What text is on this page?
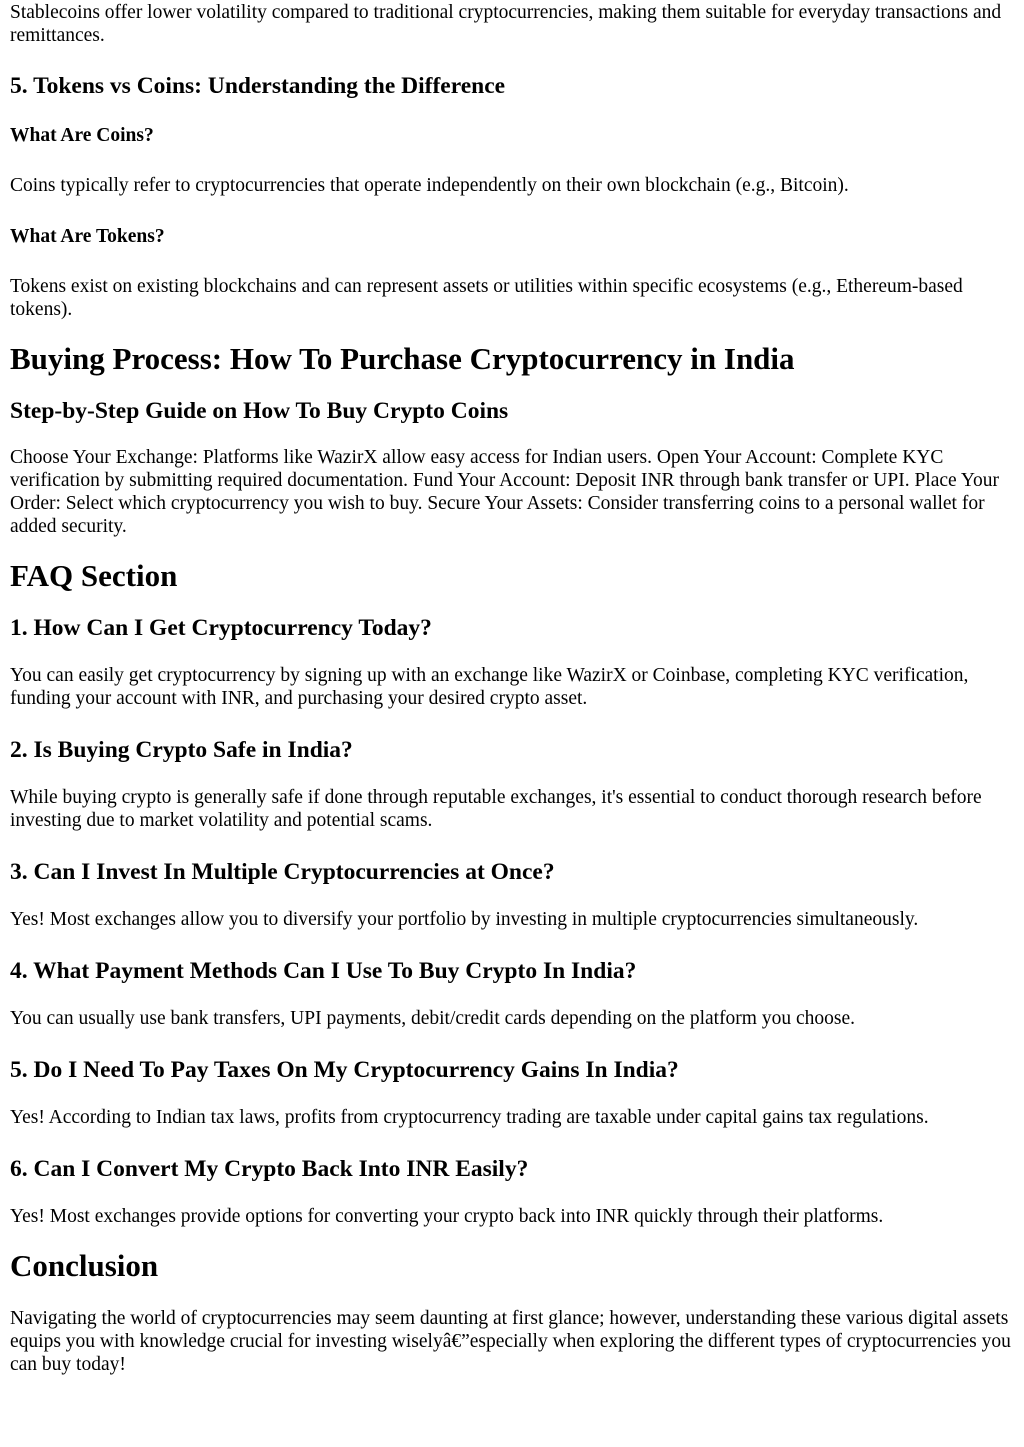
Stablecoins offer lower volatility compared to traditional cryptocurrencies, making them suitable for everyday transactions and remittances.

5. Tokens vs Coins: Understanding the Difference
What Are Coins?

Coins typically refer to cryptocurrencies that operate independently on their own blockchain (e.g., Bitcoin).

What Are Tokens?

Tokens exist on existing blockchains and can represent assets or utilities within specific ecosystems (e.g., Ethereum-based tokens).

Buying Process: How To Purchase Cryptocurrency in India
Step-by-Step Guide on How To Buy Crypto Coins

Choose Your Exchange: Platforms like WazirX allow easy access for Indian users. Open Your Account: Complete KYC verification by submitting required documentation. Fund Your Account: Deposit INR through bank transfer or UPI. Place Your Order: Select which cryptocurrency you wish to buy. Secure Your Assets: Consider transferring coins to a personal wallet for added security.

FAQ Section
1. How Can I Get Cryptocurrency Today?

You can easily get cryptocurrency by signing up with an exchange like WazirX or Coinbase, completing KYC verification, funding your account with INR, and purchasing your desired crypto asset.

2. Is Buying Crypto Safe in India?

While buying crypto is generally safe if done through reputable exchanges, it's essential to conduct thorough research before investing due to market volatility and potential scams.

3. Can I Invest In Multiple Cryptocurrencies at Once?

Yes! Most exchanges allow you to diversify your portfolio by investing in multiple cryptocurrencies simultaneously.

4. What Payment Methods Can I Use To Buy Crypto In India?

You can usually use bank transfers, UPI payments, debit/credit cards depending on the platform you choose.

5. Do I Need To Pay Taxes On My Cryptocurrency Gains In India?

Yes! According to Indian tax laws, profits from cryptocurrency trading are taxable under capital gains tax regulations.

6. Can I Convert My Crypto Back Into INR Easily?

Yes! Most exchanges provide options for converting your crypto back into INR quickly through their platforms.

Conclusion

Navigating the world of cryptocurrencies may seem daunting at first glance; however, understanding these various digital assets equips you with knowledge crucial for investing wiselyâ€”especially when exploring the different types of cryptocurrencies you can buy today!
